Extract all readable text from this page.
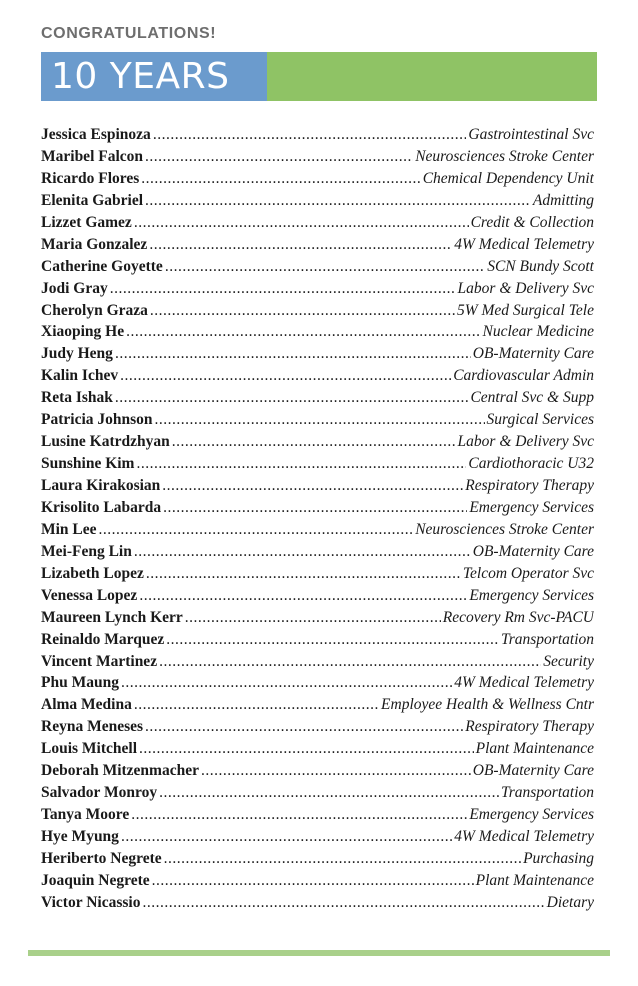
CONGRATULATIONS!
10 YEARS
Jessica Espinoza .....	Gastrointestinal Svc
Maribel Falcon .....	Neurosciences Stroke Center
Ricardo Flores .....	Chemical Dependency Unit
Elenita Gabriel .....	Admitting
Lizzet Gamez .....	Credit & Collection
Maria Gonzalez .....	4W Medical Telemetry
Catherine Goyette .....	SCN Bundy Scott
Jodi Gray .....	Labor & Delivery Svc
Cherolyn Graza .....	5W Med Surgical Tele
Xiaoping He .....	Nuclear Medicine
Judy Heng .....	OB-Maternity Care
Kalin Ichev .....	Cardiovascular Admin
Reta Ishak .....	Central Svc & Supp
Patricia Johnson .....	Surgical Services
Lusine Katrdzhyan .....	Labor & Delivery Svc
Sunshine Kim .....	Cardiothoracic U32
Laura Kirakosian .....	Respiratory Therapy
Krisolito Labarda .....	Emergency Services
Min Lee .....	Neurosciences Stroke Center
Mei-Feng Lin .....	OB-Maternity Care
Lizabeth Lopez .....	Telcom Operator Svc
Venessa Lopez .....	Emergency Services
Maureen Lynch Kerr .....	Recovery Rm Svc-PACU
Reinaldo Marquez .....	Transportation
Vincent Martinez .....	Security
Phu Maung .....	4W Medical Telemetry
Alma Medina .....	Employee Health & Wellness Cntr
Reyna Meneses .....	Respiratory Therapy
Louis Mitchell .....	Plant Maintenance
Deborah Mitzenmacher .....	OB-Maternity Care
Salvador Monroy .....	Transportation
Tanya Moore .....	Emergency Services
Hye Myung .....	4W Medical Telemetry
Heriberto Negrete .....	Purchasing
Joaquin Negrete .....	Plant Maintenance
Victor Nicassio .....	Dietary
